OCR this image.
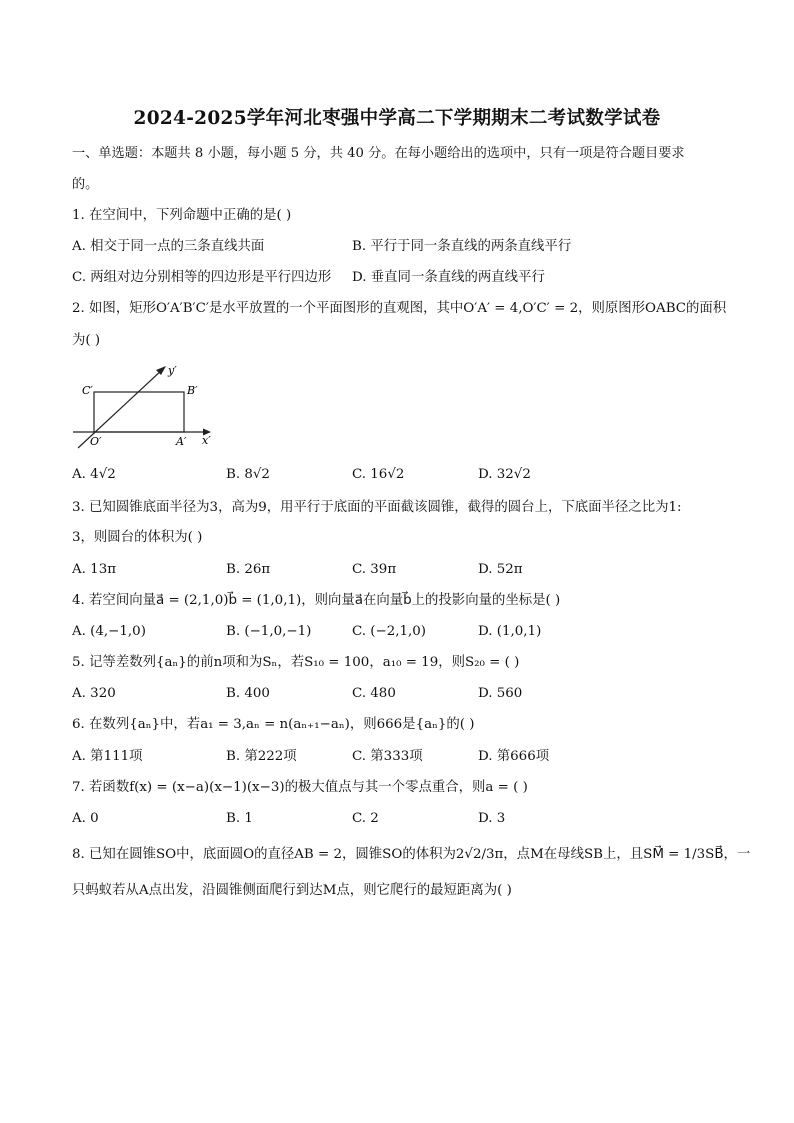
2024-2025学年河北枣强中学高二下学期期末二考试数学试卷
一、单选题：本题共 8 小题，每小题 5 分，共 40 分。在每小题给出的选项中，只有一项是符合题目要求
的。
1. 在空间中，下列命题中正确的是( )
A. 相交于同一点的三条直线共面	B. 平行于同一条直线的两条直线平行
C. 两组对边分别相等的四边形是平行四边形 D. 垂直同一条直线的两直线平行
2. 如图，矩形O′A′B′C′是水平放置的一个平面图形的直观图，其中O′A′ = 4,O′C′ = 2，则原图形OABC的面积
为( )
C′	B′
O′	A′
y′
x′
A. 4√2	B. 8√2	C. 16√2	D. 32√2
3. 已知圆锥底面半径为3，高为9，用平行于底面的平面截该圆锥，截得的圆台上，下底面半径之比为1:
3，则圆台的体积为( )
A. 13π	B. 26π	C. 39π	D. 52π
4. 若空间向量a⃗ = (2,1,0)b⃗ = (1,0,1)，则向量a⃗在向量b⃗上的投影向量的坐标是( )
A. (4,−1,0)	B. (−1,0,−1)	C. (−2,1,0)	D. (1,0,1)
5. 记等差数列{aₙ}的前n项和为Sₙ，若S₁₀ = 100，a₁₀ = 19，则S₂₀ = ( )
A. 320	B. 400	C. 480	D. 560
6. 在数列{aₙ}中，若a₁ = 3,aₙ = n(aₙ₊₁−aₙ)，则666是{aₙ}的( )
A. 第111项	B. 第222项	C. 第333项	D. 第666项
7. 若函数f(x) = (x−a)(x−1)(x−3)的极大值点与其一个零点重合，则a = ( )
A. 0	B. 1	C. 2	D. 3
8. 已知在圆锥SO中，底面圆O的直径AB = 2，圆锥SO的体积为2√2/3π，点M在母线SB上，且SM⃗ = 1/3SB⃗，一
只蚂蚁若从A点出发，沿圆锥侧面爬行到达M点，则它爬行的最短距离为( )
